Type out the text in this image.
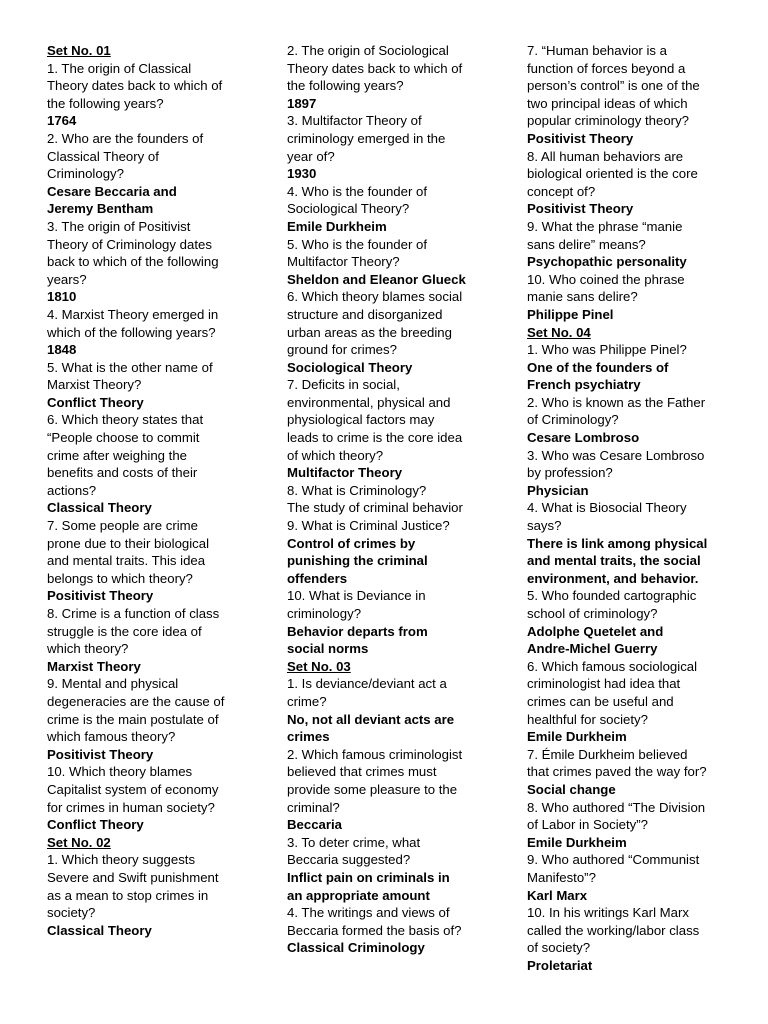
Set No. 01
1. The origin of Classical
Theory dates back to which of
the following years?
1764
2. Who are the founders of
Classical Theory of
Criminology?
Cesare Beccaria and
Jeremy Bentham
3. The origin of Positivist
Theory of Criminology dates
back to which of the following
years?
1810
4. Marxist Theory emerged in
which of the following years?
1848
5. What is the other name of
Marxist Theory?
Conflict Theory
6. Which theory states that
“People choose to commit
crime after weighing the
benefits and costs of their
actions?
Classical Theory
7. Some people are crime
prone due to their biological
and mental traits. This idea
belongs to which theory?
Positivist Theory
8. Crime is a function of class
struggle is the core idea of
which theory?
Marxist Theory
9. Mental and physical
degeneracies are the cause of
crime is the main postulate of
which famous theory?
Positivist Theory
10. Which theory blames
Capitalist system of economy
for crimes in human society?
Conflict Theory
Set No. 02
1. Which theory suggests
Severe and Swift punishment
as a mean to stop crimes in
society?
Classical Theory
2. The origin of Sociological
Theory dates back to which of
the following years?
1897
3. Multifactor Theory of
criminology emerged in the
year of?
1930
4. Who is the founder of
Sociological Theory?
Emile Durkheim
5. Who is the founder of
Multifactor Theory?
Sheldon and Eleanor Glueck
6. Which theory blames social
structure and disorganized
urban areas as the breeding
ground for crimes?
Sociological Theory
7. Deficits in social,
environmental, physical and
physiological factors may
leads to crime is the core idea
of which theory?
Multifactor Theory
8. What is Criminology?
The study of criminal behavior
9. What is Criminal Justice?
Control of crimes by
punishing the criminal
offenders
10. What is Deviance in
criminology?
Behavior departs from
social norms
Set No. 03
1. Is deviance/deviant act a
crime?
No, not all deviant acts are
crimes
2. Which famous criminologist
believed that crimes must
provide some pleasure to the
criminal?
Beccaria
3. To deter crime, what
Beccaria suggested?
Inflict pain on criminals in
an appropriate amount
4. The writings and views of
Beccaria formed the basis of?
Classical Criminology
7. “Human behavior is a
function of forces beyond a
person’s control” is one of the
two principal ideas of which
popular criminology theory?
Positivist Theory
8. All human behaviors are
biological oriented is the core
concept of?
Positivist Theory
9. What the phrase “manie
sans delire” means?
Psychopathic personality
10. Who coined the phrase
manie sans delire?
Philippe Pinel
Set No. 04
1. Who was Philippe Pinel?
One of the founders of
French psychiatry
2. Who is known as the Father
of Criminology?
Cesare Lombroso
3. Who was Cesare Lombroso
by profession?
Physician
4. What is Biosocial Theory
says?
There is link among physical
and mental traits, the social
environment, and behavior.
5. Who founded cartographic
school of criminology?
Adolphe Quetelet and
Andre-Michel Guerry
6. Which famous sociological
criminologist had idea that
crimes can be useful and
healthful for society?
Emile Durkheim
7. Émile Durkheim believed
that crimes paved the way for?
Social change
8. Who authored “The Division
of Labor in Society”?
Emile Durkheim
9. Who authored “Communist
Manifesto”?
Karl Marx
10. In his writings Karl Marx
called the working/labor class
of society?
Proletariat
